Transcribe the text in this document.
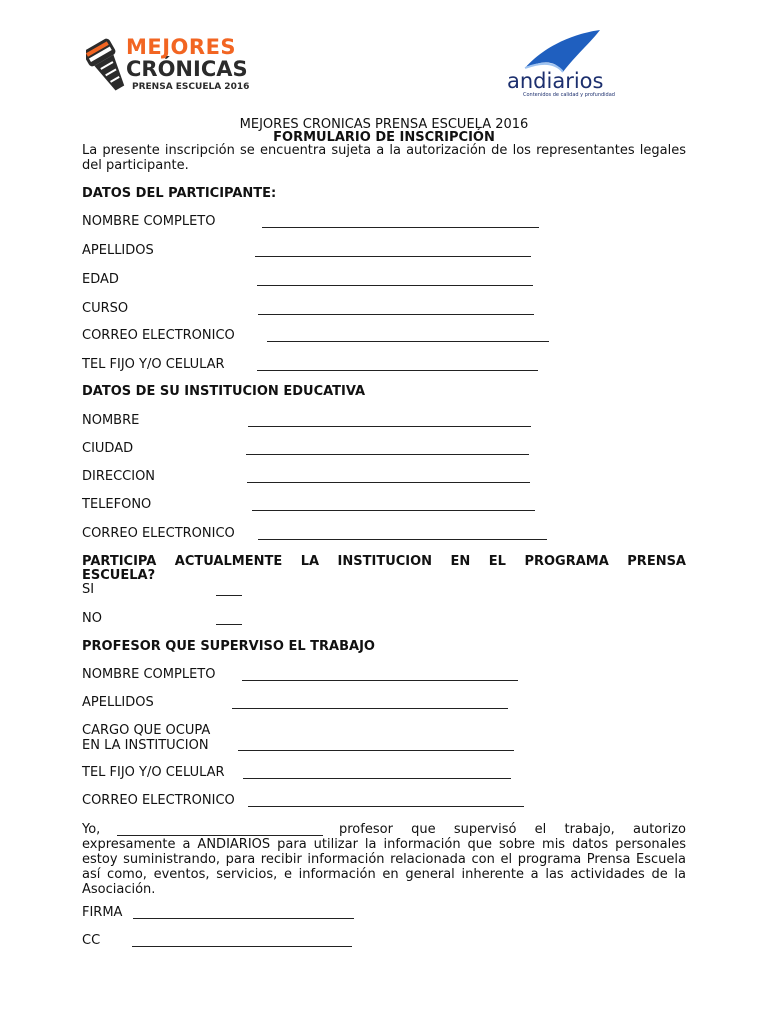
MEJORES
CRÓNICAS
PRENSA ESCUELA 2016	andiarios
Contenidos de calidad y profundidad
MEJORES CRONICAS PRENSA ESCUELA 2016
FORMULARIO DE INSCRIPCIÓN
La presente inscripción se encuentra sujeta a la autorización de los representantes legales del participante.
DATOS DEL PARTICIPANTE:
NOMBRE COMPLETO
APELLIDOS
EDAD
CURSO
CORREO ELECTRONICO
TEL FIJO Y/O CELULAR
DATOS DE SU INSTITUCION EDUCATIVA
NOMBRE
CIUDAD
DIRECCION
TELEFONO
CORREO ELECTRONICO
PARTICIPA ACTUALMENTE LA INSTITUCION EN EL PROGRAMA PRENSA
ESCUELA?
SI
NO
PROFESOR QUE SUPERVISO EL TRABAJO
NOMBRE COMPLETO
APELLIDOS
CARGO QUE OCUPA
EN LA INSTITUCION
TEL FIJO Y/O CELULAR
CORREO ELECTRONICO
Yo,	profesor que supervisó el trabajo, autorizo
expresamente a ANDIARIOS para utilizar la información que sobre mis datos personales estoy suministrando, para recibir información relacionada con el programa Prensa Escuela así como, eventos, servicios, e información en general inherente a las actividades de la Asociación.
FIRMA
CC
